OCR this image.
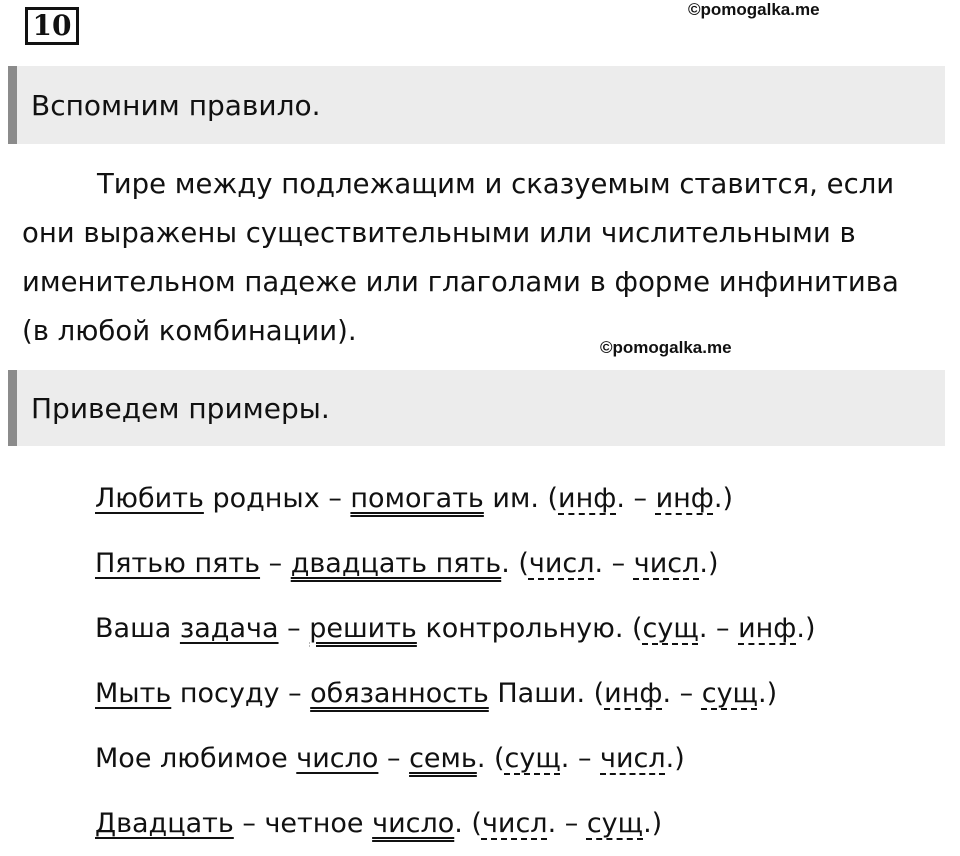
10	©pomogalka.me
Вспомним правило.

Тире между подлежащим и сказуемым ставится, если
они выражены существительными или числительными в
именительном падеже или глаголами в форме инфинитива
(в любой комбинации).

©pomogalka.me
Приведем примеры.
Любить родных – помогать им. (инф. – инф.)
Пятью пять – двадцать пять. (числ. – числ.)
Ваша задача – решить контрольную. (сущ. – инф.)
Мыть посуду – обязанность Паши. (инф. – сущ.)
Мое любимое число – семь. (сущ. – числ.)
Двадцать – четное число. (числ. – сущ.)
